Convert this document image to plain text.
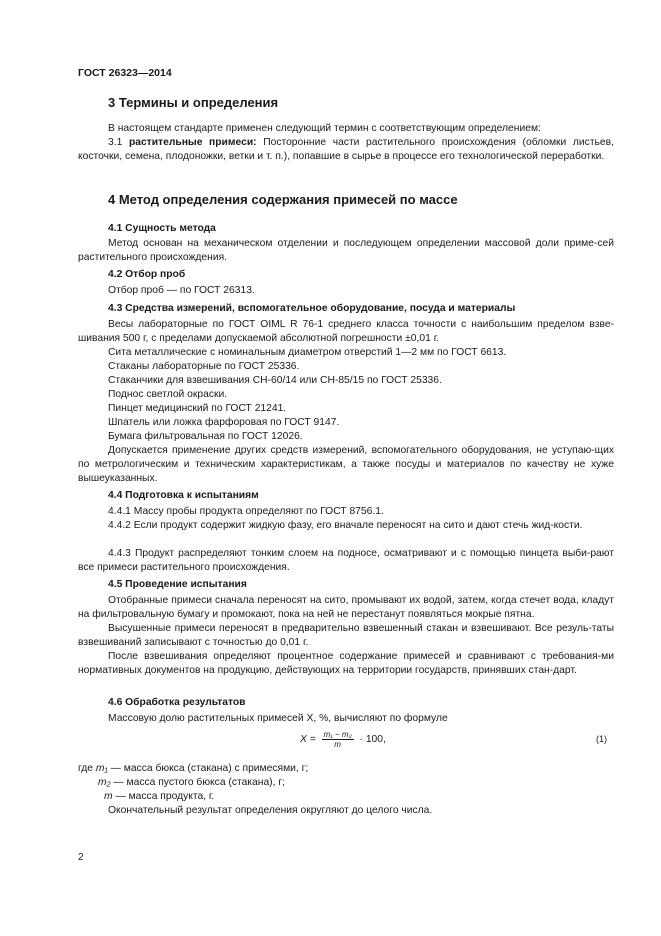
ГОСТ 26323—2014
3 Термины и определения
В настоящем стандарте применен следующий термин с соответствующим определением:
3.1 растительные примеси: Посторонние части растительного происхождения (обломки листьев, косточки, семена, плодоножки, ветки и т. п.), попавшие в сырье в процессе его технологической переработки.
4 Метод определения содержания примесей по массе
4.1 Сущность метода
Метод основан на механическом отделении и последующем определении массовой доли приме-сей растительного происхождения.
4.2 Отбор проб
Отбор проб — по ГОСТ 26313.
4.3 Средства измерений, вспомогательное оборудование, посуда и материалы
Весы лабораторные по ГОСТ OIML R 76-1 среднего класса точности с наибольшим пределом взве-шивания 500 г, с пределами допускаемой абсолютной погрешности ±0,01 г.
Сита металлические с номинальным диаметром отверстий 1—2 мм по ГОСТ 6613.
Стаканы лабораторные по ГОСТ 25336.
Стаканчики для взвешивания СН-60/14 или СН-85/15 по ГОСТ 25336.
Поднос светлой окраски.
Пинцет медицинский по ГОСТ 21241.
Шпатель или ложка фарфоровая по ГОСТ 9147.
Бумага фильтровальная по ГОСТ 12026.
Допускается применение других средств измерений, вспомогательного оборудования, не уступаю-щих по метрологическим и техническим характеристикам, а также посуды и материалов по качеству не хуже вышеуказанных.
4.4 Подготовка к испытаниям
4.4.1 Массу пробы продукта определяют по ГОСТ 8756.1.
4.4.2 Если продукт содержит жидкую фазу, его вначале переносят на сито и дают стечь жид-кости.
4.4.3 Продукт распределяют тонким слоем на подносе, осматривают и с помощью пинцета выби-рают все примеси растительного происхождения.
4.5 Проведение испытания
Отобранные примеси сначала переносят на сито, промывают их водой, затем, когда стечет вода, кладут на фильтровальную бумагу и промокают, пока на ней не перестанут появляться мокрые пятна.
Высушенные примеси переносят в предварительно взвешенный стакан и взвешивают. Все резуль-таты взвешиваний записывают с точностью до 0,01 г.
После взвешивания определяют процентное содержание примесей и сравнивают с требования-ми нормативных документов на продукцию, действующих на территории государств, принявших стан-дарт.
4.6 Обработка результатов
Массовую долю растительных примесей X, %, вычисляют по формуле
$X = \frac{\text{m₁ − m₂}}{m} \cdot 100$,	(1)
где m₁ — масса бюкса (стакана) с примесями, г;
m₂ — масса пустого бюкса (стакана), г;
m — масса продукта, г.
Окончательный результат определения округляют до целого числа.
2
